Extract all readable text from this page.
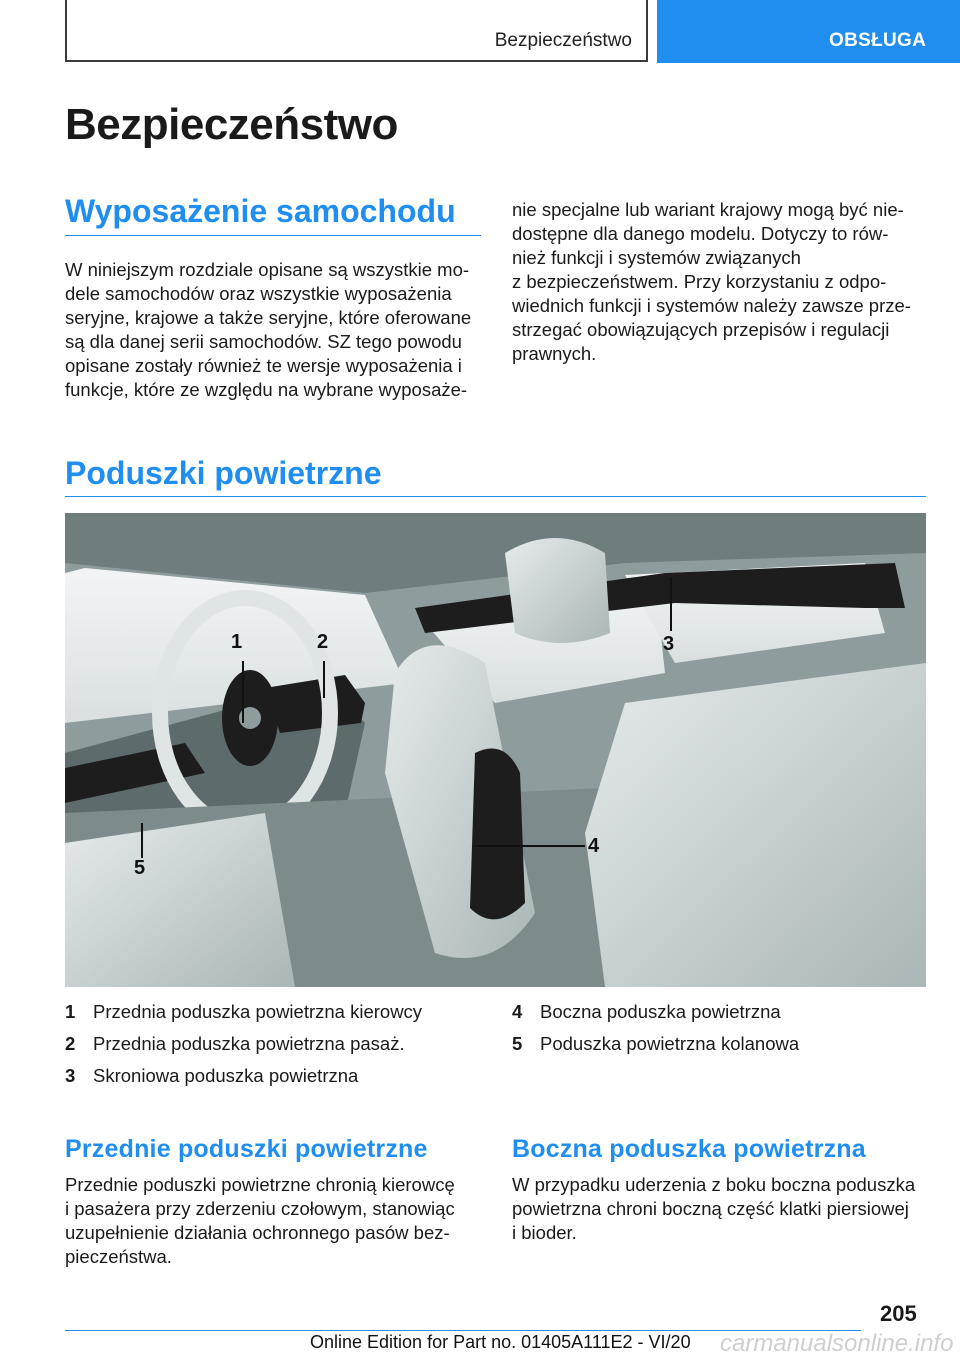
Bezpieczeństwo	OBSŁUGA
Bezpieczeństwo
Wyposażenie samochodu
W niniejszym rozdziale opisane są wszystkie mo-
dele samochodów oraz wszystkie wyposażenia
seryjne, krajowe a także seryjne, które oferowane
są dla danej serii samochodów. SZ tego powodu
opisane zostały również te wersje wyposażenia i
funkcje, które ze względu na wybrane wyposaże-
nie specjalne lub wariant krajowy mogą być nie-
dostępne dla danego modelu. Dotyczy to rów-
nież funkcji i systemów związanych
z bezpieczeństwem. Przy korzystaniu z odpo-
wiednich funkcji i systemów należy zawsze prze-
strzegać obowiązujących przepisów i regulacji
prawnych.
Poduszki powietrzne
1	2	3
4
5
1 Przednia poduszka powietrzna kierowcy
2 Przednia poduszka powietrzna pasaż.
3 Skroniowa poduszka powietrzna
4 Boczna poduszka powietrzna
5 Poduszka powietrzna kolanowa
Przednie poduszki powietrzne
Przednie poduszki powietrzne chronią kierowcę
i pasażera przy zderzeniu czołowym, stanowiąc
uzupełnienie działania ochronnego pasów bez-
pieczeństwa.
Boczna poduszka powietrzna
W przypadku uderzenia z boku boczna poduszka
powietrzna chroni boczną część klatki piersiowej
i bioder.
205
carmanualsonline.info
Online Edition for Part no. 01405A111E2 - VI/20
